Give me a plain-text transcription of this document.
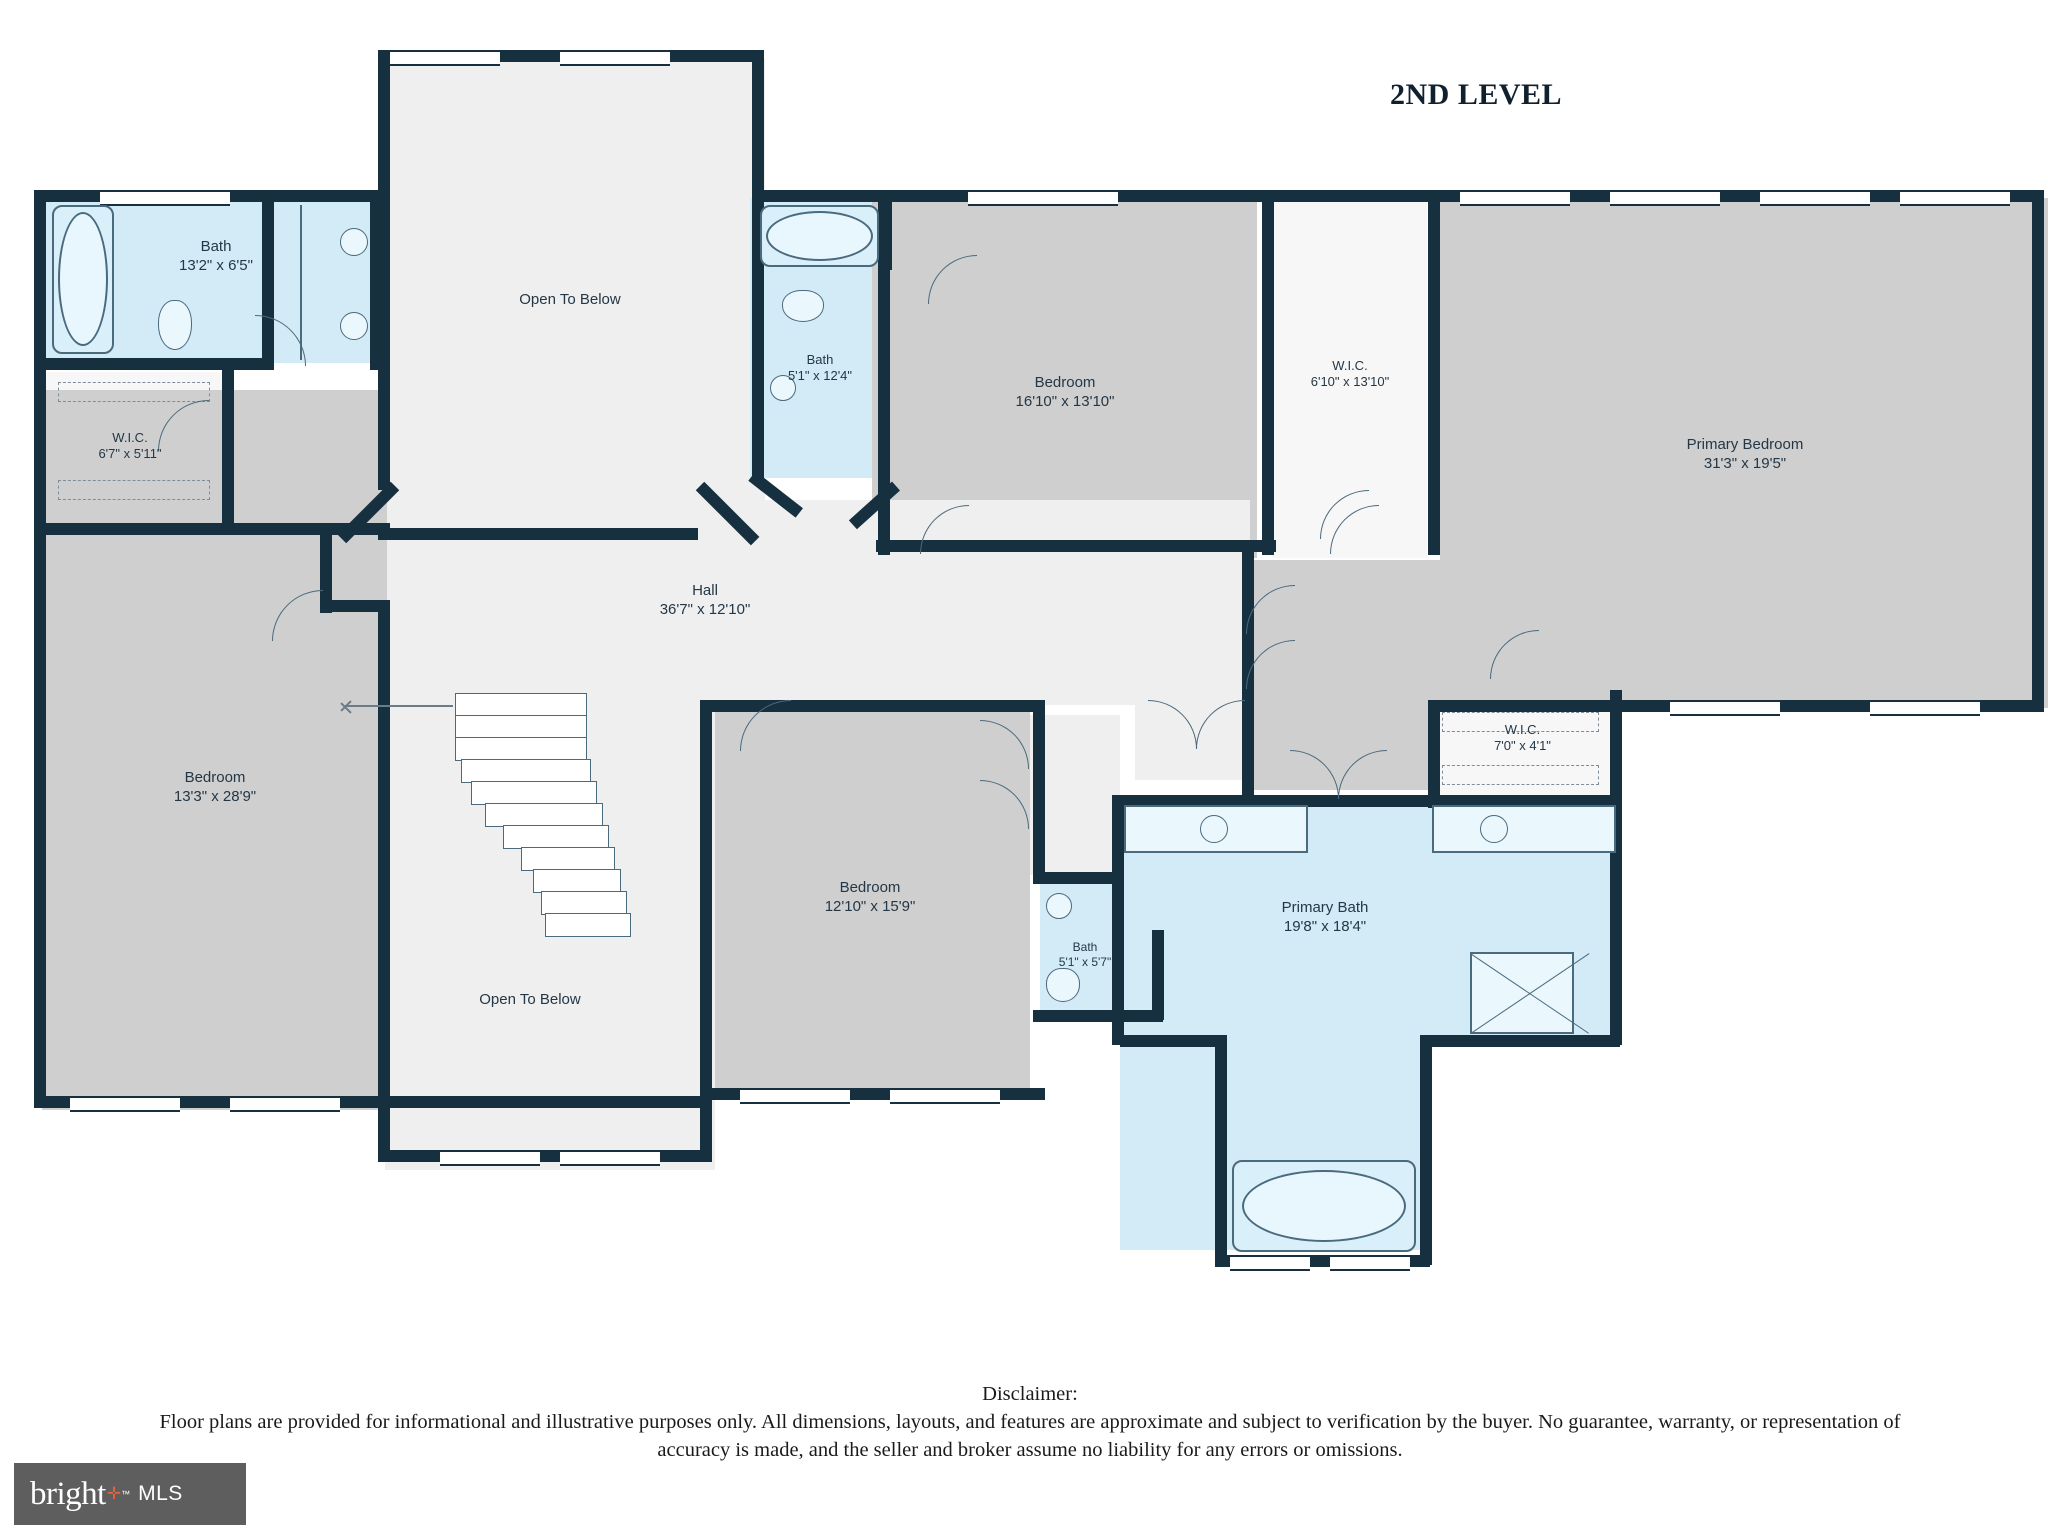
2ND LEVEL
Bath
13'2" x 6'5"
W.I.C.
6'7" x 5'11"
Open To Below
Bath
5'1" x 12'4"	Bedroom
16'10" x 13'10"
W.I.C.
6'10" x 13'10"
Primary Bedroom
31'3" x 19'5"
Hall
36'7" x 12'10"
Bedroom
13'3" x 28'9"
W.I.C.
7'0" x 4'1"
Bedroom
12'10" x 15'9"	Primary Bath
19'8" x 18'4"
Bath
5'1" x 5'7"
Open To Below
Disclaimer:
Floor plans are provided for informational and illustrative purposes only. All dimensions, layouts, and features are approximate and subject to verification by the buyer. No guarantee, warranty, or representation of accuracy is made, and the seller and broker assume no liability for any errors or omissions.
bright ✛ ™ MLS
